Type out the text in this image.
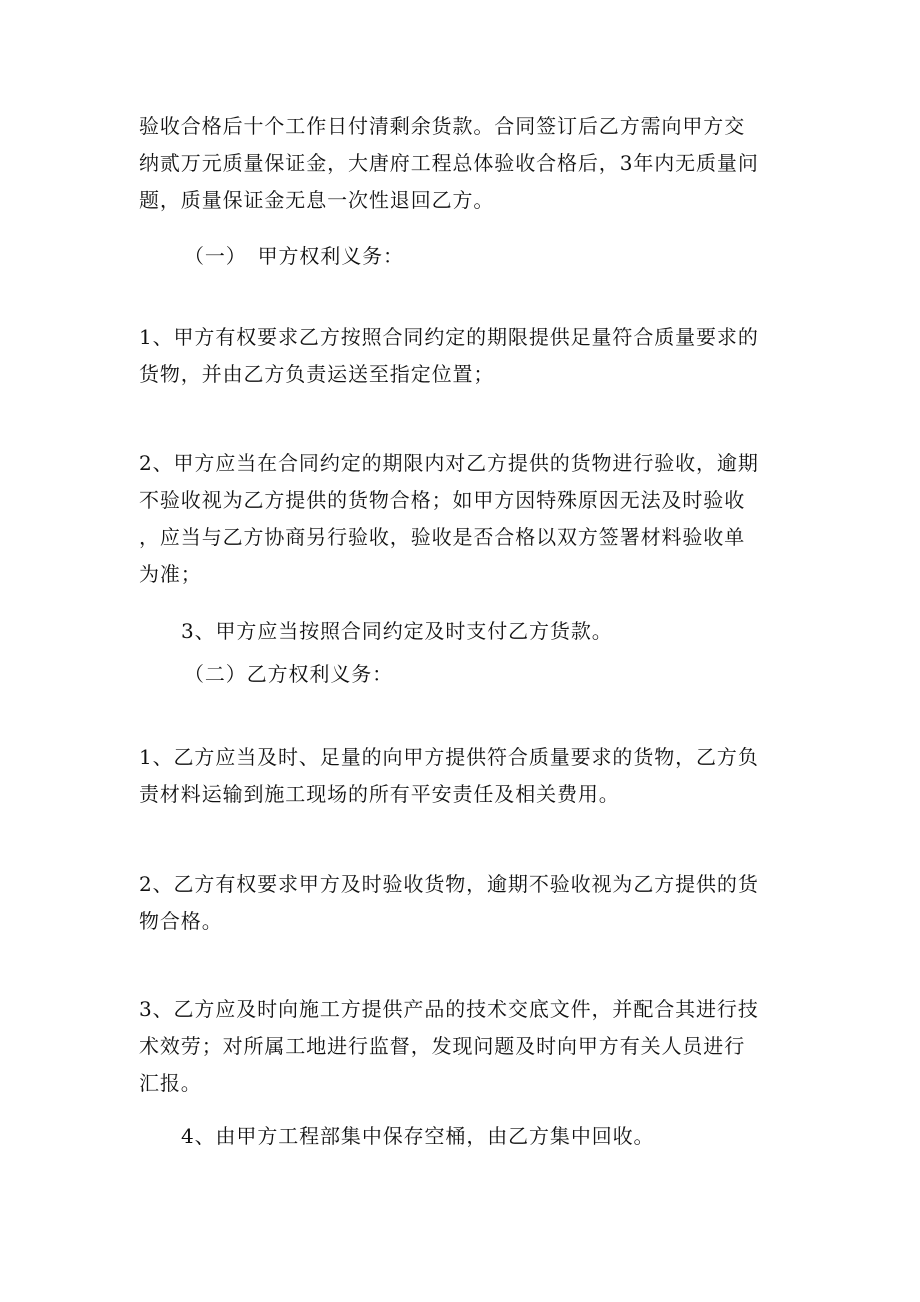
验收合格后十个工作日付清剩余货款。合同签订后乙方需向甲方交
纳贰万元质量保证金，大唐府工程总体验收合格后，3年内无质量问
题，质量保证金无息一次性退回乙方。

（一）　甲方权利义务：

1、甲方有权要求乙方按照合同约定的期限提供足量符合质量要求的
货物，并由乙方负责运送至指定位置；

2、甲方应当在合同约定的期限内对乙方提供的货物进行验收，逾期
不验收视为乙方提供的货物合格；如甲方因特殊原因无法及时验收
，应当与乙方协商另行验收，验收是否合格以双方签署材料验收单
为准；

3、甲方应当按照合同约定及时支付乙方货款。

（二）乙方权利义务：

1、乙方应当及时、足量的向甲方提供符合质量要求的货物，乙方负
责材料运输到施工现场的所有平安责任及相关费用。

2、乙方有权要求甲方及时验收货物，逾期不验收视为乙方提供的货
物合格。

3、乙方应及时向施工方提供产品的技术交底文件，并配合其进行技
术效劳；对所属工地进行监督，发现问题及时向甲方有关人员进行
汇报。

4、由甲方工程部集中保存空桶，由乙方集中回收。
